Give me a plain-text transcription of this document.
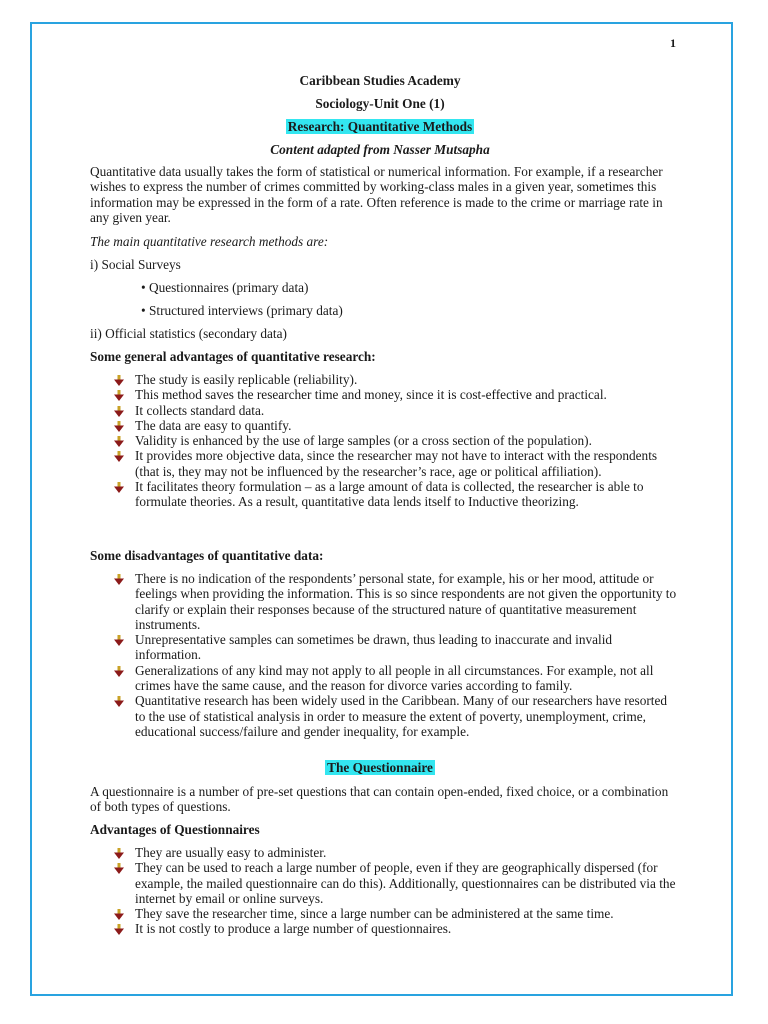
1

Caribbean Studies Academy

Sociology-Unit One (1)

Research: Quantitative Methods

Content adapted from Nasser Mutsapha

Quantitative data usually takes the form of statistical or numerical information. For example, if a researcher wishes to express the number of crimes committed by working-class males in a given year, sometimes this information may be expressed in the form of a rate. Often reference is made to the crime or marriage rate in any given year.

The main quantitative research methods are:

i) Social Surveys

• Questionnaires (primary data)

• Structured interviews (primary data)

ii) Official statistics (secondary data)

Some general advantages of quantitative research:

The study is easily replicable (reliability).
This method saves the researcher time and money, since it is cost-effective and practical.
It collects standard data.
The data are easy to quantify.
Validity is enhanced by the use of large samples (or a cross section of the population).
It provides more objective data, since the researcher may not have to interact with the respondents (that is, they may not be influenced by the researcher’s race, age or political affiliation).
It facilitates theory formulation – as a large amount of data is collected, the researcher is able to formulate theories. As a result, quantitative data lends itself to Inductive theorizing.

Some disadvantages of quantitative data:

There is no indication of the respondents’ personal state, for example, his or her mood, attitude or feelings when providing the information. This is so since respondents are not given the opportunity to clarify or explain their responses because of the structured nature of quantitative measurement instruments.
Unrepresentative samples can sometimes be drawn, thus leading to inaccurate and invalid information.
Generalizations of any kind may not apply to all people in all circumstances. For example, not all crimes have the same cause, and the reason for divorce varies according to family.
Quantitative research has been widely used in the Caribbean. Many of our researchers have resorted to the use of statistical analysis in order to measure the extent of poverty, unemployment, crime, educational success/failure and gender inequality, for example.

The Questionnaire

A questionnaire is a number of pre-set questions that can contain open-ended, fixed choice, or a combination of both types of questions.

Advantages of Questionnaires

They are usually easy to administer.
They can be used to reach a large number of people, even if they are geographically dispersed (for example, the mailed questionnaire can do this). Additionally, questionnaires can be distributed via the internet by email or online surveys.
They save the researcher time, since a large number can be administered at the same time.
It is not costly to produce a large number of questionnaires.
